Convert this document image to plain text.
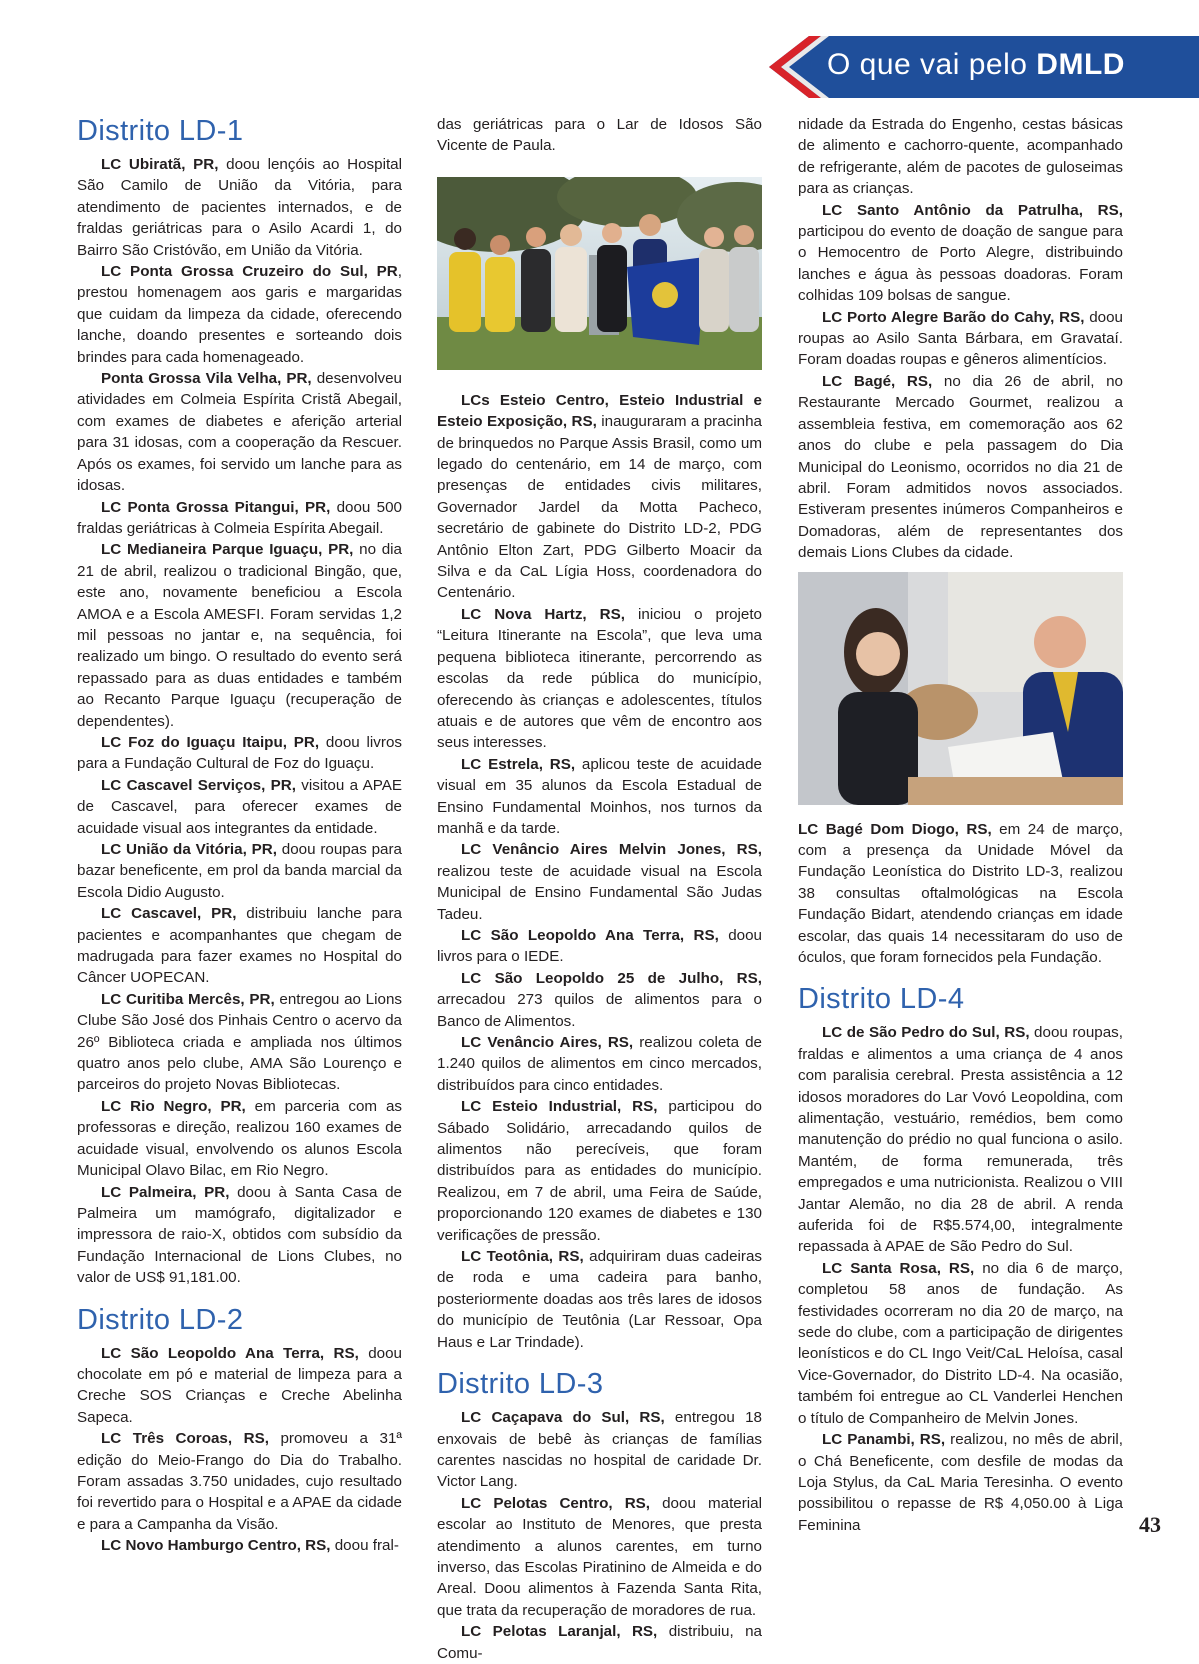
O que vai pelo DMLD
Distrito LD-1

LC Ubiratã, PR, doou lençóis ao Hospital São Camilo de União da Vitória, para atendimento de pacientes internados, e de fraldas geriátricas para o Asilo Acardi 1, do Bairro São Cristóvão, em União da Vitória.

LC Ponta Grossa Cruzeiro do Sul, PR, prestou homenagem aos garis e margaridas que cuidam da limpeza da cidade, oferecendo lanche, doando presentes e sorteando dois brindes para cada homenageado.

Ponta Grossa Vila Velha, PR, desenvolveu atividades em Colmeia Espírita Cristã Abegail, com exames de diabetes e aferição arterial para 31 idosas, com a cooperação da Rescuer. Após os exames, foi servido um lanche para as idosas.

LC Ponta Grossa Pitangui, PR, doou 500 fraldas geriátricas à Colmeia Espírita Abegail.

LC Medianeira Parque Iguaçu, PR, no dia 21 de abril, realizou o tradicional Bingão, que, este ano, novamente beneficiou a Escola AMOA e a Escola AMESFI. Foram servidas 1,2 mil pessoas no jantar e, na sequência, foi realizado um bingo. O resultado do evento será repassado para as duas entidades e também ao Recanto Parque Iguaçu (recuperação de dependentes).

LC Foz do Iguaçu Itaipu, PR, doou livros para a Fundação Cultural de Foz do Iguaçu.

LC Cascavel Serviços, PR, visitou a APAE de Cascavel, para oferecer exames de acuidade visual aos integrantes da entidade.

LC União da Vitória, PR, doou roupas para bazar beneficente, em prol da banda marcial da Escola Didio Augusto.

LC Cascavel, PR, distribuiu lanche para pacientes e acompanhantes que chegam de madrugada para fazer exames no Hospital do Câncer UOPECAN.

LC Curitiba Mercês, PR, entregou ao Lions Clube São José dos Pinhais Centro o acervo da 26º Biblioteca criada e ampliada nos últimos quatro anos pelo clube, AMA São Lourenço e parceiros do projeto Novas Bibliotecas.

LC Rio Negro, PR, em parceria com as professoras e direção, realizou 160 exames de acuidade visual, envolvendo os alunos Escola Municipal Olavo Bilac, em Rio Negro.

LC Palmeira, PR, doou à Santa Casa de Palmeira um mamógrafo, digitalizador e impressora de raio-X, obtidos com subsídio da Fundação Internacional de Lions Clubes, no valor de US$ 91,181.00.

Distrito LD-2

LC São Leopoldo Ana Terra, RS, doou chocolate em pó e material de limpeza para a Creche SOS Crianças e Creche Abelinha Sapeca.

LC Três Coroas, RS, promoveu a 31ª edição do Meio-Frango do Dia do Trabalho. Foram assadas 3.750 unidades, cujo resultado foi revertido para o Hospital e a APAE da cidade e para a Campanha da Visão.

LC Novo Hamburgo Centro, RS, doou fral-

das geriátricas para o Lar de Idosos São Vicente de Paula.

LCs Esteio Centro, Esteio Industrial e Esteio Exposição, RS, inauguraram a pracinha de brinquedos no Parque Assis Brasil, como um legado do centenário, em 14 de março, com presenças de entidades civis militares, Governador Jardel da Motta Pacheco, secretário de gabinete do Distrito LD-2, PDG Antônio Elton Zart, PDG Gilberto Moacir da Silva e da CaL Lígia Hoss, coordenadora do Centenário.

LC Nova Hartz, RS, iniciou o projeto “Leitura Itinerante na Escola”, que leva uma pequena biblioteca itinerante, percorrendo as escolas da rede pública do município, oferecendo às crianças e adolescentes, títulos atuais e de autores que vêm de encontro aos seus interesses.

LC Estrela, RS, aplicou teste de acuidade visual em 35 alunos da Escola Estadual de Ensino Fundamental Moinhos, nos turnos da manhã e da tarde.

LC Venâncio Aires Melvin Jones, RS, realizou teste de acuidade visual na Escola Municipal de Ensino Fundamental São Judas Tadeu.

LC São Leopoldo Ana Terra, RS, doou livros para o IEDE.

LC São Leopoldo 25 de Julho, RS, arrecadou 273 quilos de alimentos para o Banco de Alimentos.

LC Venâncio Aires, RS, realizou coleta de 1.240 quilos de alimentos em cinco mercados, distribuídos para cinco entidades.

LC Esteio Industrial, RS, participou do Sábado Solidário, arrecadando quilos de alimentos não perecíveis, que foram distribuídos para as entidades do município. Realizou, em 7 de abril, uma Feira de Saúde, proporcionando 120 exames de diabetes e 130 verificações de pressão.

LC Teotônia, RS, adquiriram duas cadeiras de roda e uma cadeira para banho, posteriormente doadas aos três lares de idosos do município de Teutônia (Lar Ressoar, Opa Haus e Lar Trindade).

Distrito LD-3

LC Caçapava do Sul, RS, entregou 18 enxovais de bebê às crianças de famílias carentes nascidas no hospital de caridade Dr. Victor Lang.

LC Pelotas Centro, RS, doou material escolar ao Instituto de Menores, que presta atendimento a alunos carentes, em turno inverso, das Escolas Piratinino de Almeida e do Areal. Doou alimentos à Fazenda Santa Rita, que trata da recuperação de moradores de rua.

LC Pelotas Laranjal, RS, distribuiu, na Comu-

nidade da Estrada do Engenho, cestas básicas de alimento e cachorro-quente, acompanhado de refrigerante, além de pacotes de guloseimas para as crianças.

LC Santo Antônio da Patrulha, RS, participou do evento de doação de sangue para o Hemocentro de Porto Alegre, distribuindo lanches e água às pessoas doadoras. Foram colhidas 109 bolsas de sangue.

LC Porto Alegre Barão do Cahy, RS, doou roupas ao Asilo Santa Bárbara, em Gravataí. Foram doadas roupas e gêneros alimentícios.

LC Bagé, RS, no dia 26 de abril, no Restaurante Mercado Gourmet, realizou a assembleia festiva, em comemoração aos 62 anos do clube e pela passagem do Dia Municipal do Leonismo, ocorridos no dia 21 de abril. Foram admitidos novos associados. Estiveram presentes inúmeros Companheiros e Domadoras, além de representantes dos demais Lions Clubes da cidade.

LC Bagé Dom Diogo, RS, em 24 de março, com a presença da Unidade Móvel da Fundação Leonística do Distrito LD-3, realizou 38 consultas oftalmológicas na Escola Fundação Bidart, atendendo crianças em idade escolar, das quais 14 necessitaram do uso de óculos, que foram fornecidos pela Fundação.

Distrito LD-4

LC de São Pedro do Sul, RS, doou roupas, fraldas e alimentos a uma criança de 4 anos com paralisia cerebral. Presta assistência a 12 idosos moradores do Lar Vovó Leopoldina, com alimentação, vestuário, remédios, bem como manutenção do prédio no qual funciona o asilo. Mantém, de forma remunerada, três empregados e uma nutricionista. Realizou o VIII Jantar Alemão, no dia 28 de abril. A renda auferida foi de R$5.574,00, integralmente repassada à APAE de São Pedro do Sul.

LC Santa Rosa, RS, no dia 6 de março, completou 58 anos de fundação. As festividades ocorreram no dia 20 de março, na sede do clube, com a participação de dirigentes leonísticos e do CL Ingo Veit/CaL Heloísa, casal Vice-Governador, do Distrito LD-4. Na ocasião, também foi entregue ao CL Vanderlei Henchen o título de Companheiro de Melvin Jones.

LC Panambi, RS, realizou, no mês de abril, o Chá Beneficente, com desfile de modas da Loja Stylus, da CaL Maria Teresinha. O evento possibilitou o repasse de R$ 4,050.00 à Liga Feminina	43
